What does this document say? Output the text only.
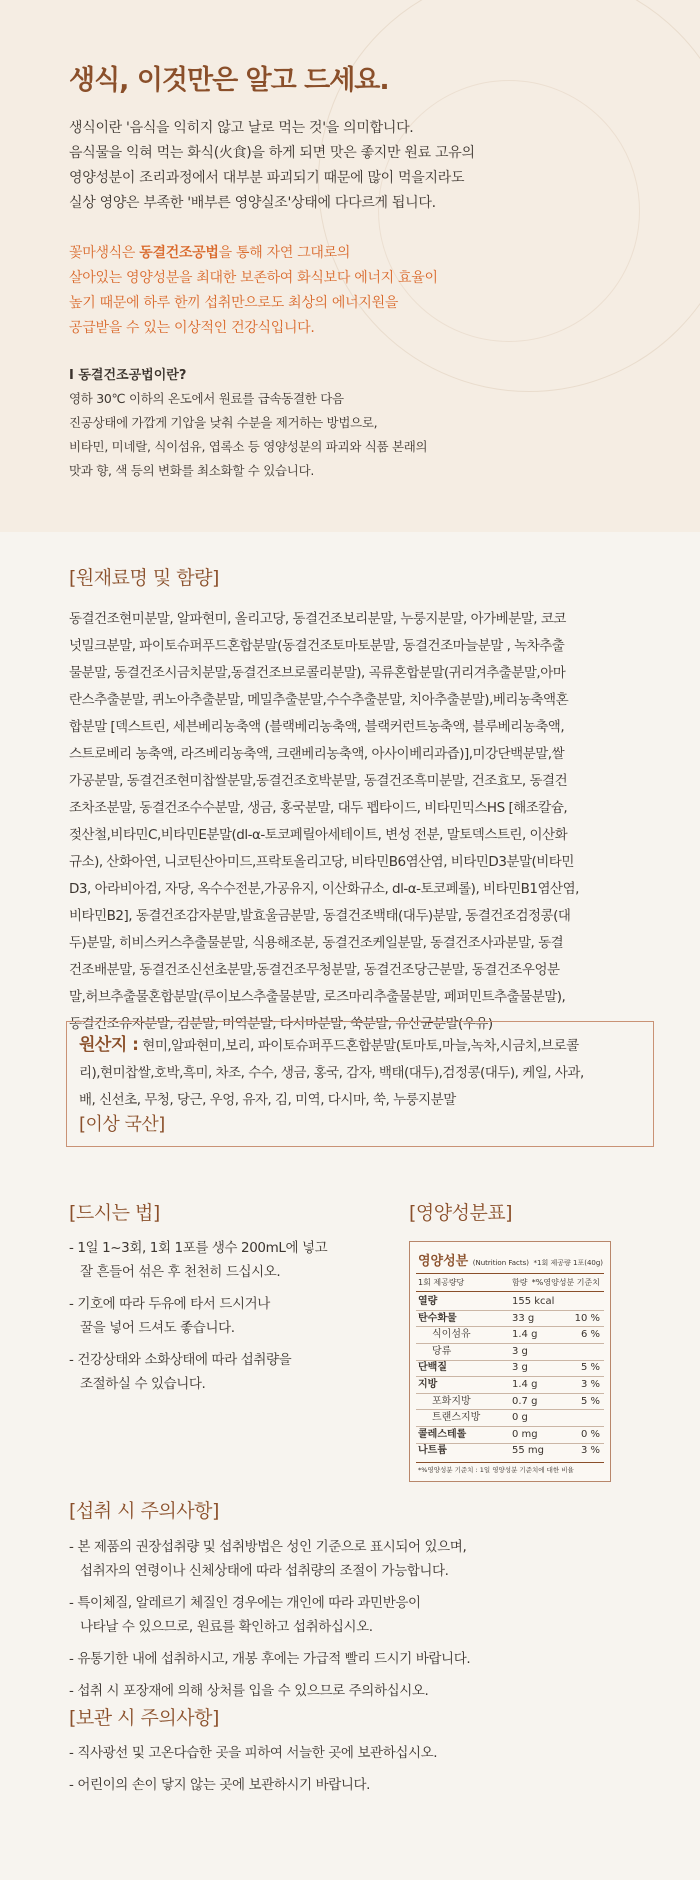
생식, 이것만은 알고 드세요.
생식이란 '음식을 익히지 않고 날로 먹는 것'을 의미합니다.
음식물을 익혀 먹는 화식(火食)을 하게 되면 맛은 좋지만 원료 고유의
영양성분이 조리과정에서 대부분 파괴되기 때문에 많이 먹을지라도
실상 영양은 부족한 '배부른 영양실조'상태에 다다르게 됩니다.
꽃마생식은 동결건조공법을 통해 자연 그대로의
살아있는 영양성분을 최대한 보존하여 화식보다 에너지 효율이
높기 때문에 하루 한끼 섭취만으로도 최상의 에너지원을
공급받을 수 있는 이상적인 건강식입니다.
I 동결건조공법이란?
영하 30℃ 이하의 온도에서 원료를 급속동결한 다음
진공상태에 가깝게 기압을 낮춰 수분을 제거하는 방법으로,
비타민, 미네랄, 식이섬유, 엽록소 등 영양성분의 파괴와 식품 본래의
맛과 향, 색 등의 변화를 최소화할 수 있습니다.
[원재료명 및 함량]
동결건조현미분말, 알파현미, 올리고당, 동결건조보리분말, 누룽지분말, 아가베분말, 코코
넛밀크분말, 파이토슈퍼푸드혼합분말(동결건조토마토분말, 동결건조마늘분말 , 녹차추출
물분말, 동결건조시금치분말,동결건조브로콜리분말), 곡류혼합분말(귀리겨추출분말,아마
란스추출분말, 퀴노아추출분말, 메밀추출분말,수수추출분말, 치아추출분말),베리농축액혼
합분말 [덱스트린, 세븐베리농축액 (블랙베리농축액, 블랙커런트농축액, 블루베리농축액,
스트로베리 농축액, 라즈베리농축액, 크랜베리농축액, 아사이베리과즙)],미강단백분말,쌀
가공분말, 동결건조현미찹쌀분말,동결건조호박분말, 동결건조흑미분말, 건조효모, 동결건
조차조분말, 동결건조수수분말, 생금, 홍국분말, 대두 펩타이드, 비타민믹스HS [해조칼슘,
젖산철,비타민C,비타민E분말(dl-α-토코페릴아세테이트, 변성 전분, 말토덱스트린, 이산화
규소), 산화아연, 니코틴산아미드,프락토올리고당, 비타민B6염산염, 비타민D3분말(비타민
D3, 아라비아검, 자당, 옥수수전분,가공유지, 이산화규소, dl-α-토코페롤), 비타민B1염산염,
비타민B2], 동결건조감자분말,발효울금분말, 동결건조백태(대두)분말, 동결건조검정콩(대
두)분말, 히비스커스추출물분말, 식용해조분, 동결건조케일분말, 동결건조사과분말, 동결
건조배분말, 동결건조신선초분말,동결건조무청분말, 동결건조당근분말, 동결건조우엉분
말,허브추출물혼합분말(루이보스추출물분말, 로즈마리추출물분말, 페퍼민트추출물분말),
동결건조유자분말, 김분말, 미역분말, 다시마분말, 쑥분말, 유산균분말(우유)
원산지 : 현미,알파현미,보리, 파이토슈퍼푸드혼합분말(토마토,마늘,녹차,시금치,브로콜
리),현미찹쌀,호박,흑미, 차조, 수수, 생금, 홍국, 감자, 백태(대두),검정콩(대두), 케일, 사과,
배, 신선초, 무청, 당근, 우엉, 유자, 김, 미역, 다시마, 쑥, 누룽지분말
[이상 국산]
[드시는 법]
- 1일 1~3회, 1회 1포를 생수 200mL에 넣고
잘 흔들어 섞은 후 천천히 드십시오.
- 기호에 따라 두유에 타서 드시거나
꿀을 넣어 드셔도 좋습니다.
- 건강상태와 소화상태에 따라 섭취량을
조절하실 수 있습니다.
[영양성분표]
영양성분 (Nutrition Facts) *1회 제공량 1포(40g)
1회 제공량당	함량 *%영양성분 기준치
열량	155 kcal
탄수화물	33 g	10 %
식이섬유	1.4 g	6 %
당류	3 g
단백질	3 g	5 %
지방	1.4 g	3 %
포화지방	0.7 g	5 %
트랜스지방	0 g
콜레스테롤	0 mg	0 %
나트륨	55 mg	3 %
*%영양성분 기준치 : 1일 영양성분 기준치에 대한 비율
[섭취 시 주의사항]
- 본 제품의 권장섭취량 및 섭취방법은 성인 기준으로 표시되어 있으며,
섭취자의 연령이나 신체상태에 따라 섭취량의 조절이 가능합니다.
- 특이체질, 알레르기 체질인 경우에는 개인에 따라 과민반응이
나타날 수 있으므로, 원료를 확인하고 섭취하십시오.
- 유통기한 내에 섭취하시고, 개봉 후에는 가급적 빨리 드시기 바랍니다.
- 섭취 시 포장재에 의해 상처를 입을 수 있으므로 주의하십시오.
[보관 시 주의사항]
- 직사광선 및 고온다습한 곳을 피하여 서늘한 곳에 보관하십시오.
- 어린이의 손이 닿지 않는 곳에 보관하시기 바랍니다.
